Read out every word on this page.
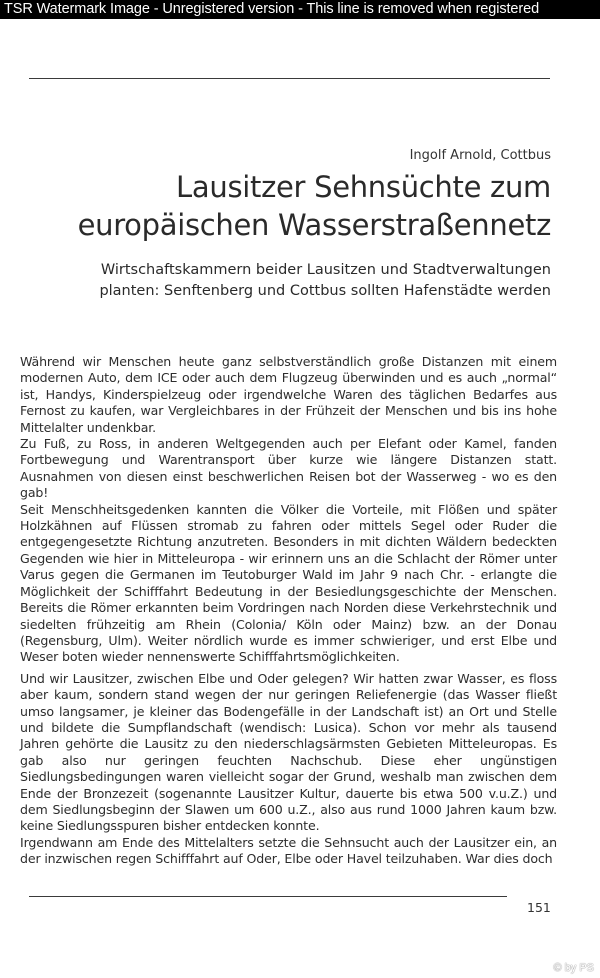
TSR Watermark Image - Unregistered version - This line is removed when registered
Ingolf Arnold, Cottbus
Lausitzer Sehnsüchte zum europäischen Wasserstraßennetz
Wirtschaftskammern beider Lausitzen und Stadtverwaltungen planten: Senftenberg und Cottbus sollten Hafenstädte werden

Während wir Menschen heute ganz selbstverständlich große Distanzen mit einem modernen Auto, dem ICE oder auch dem Flugzeug überwinden und es auch „normal“ ist, Handys, Kinderspielzeug oder irgendwelche Waren des täglichen Bedarfes aus Fernost zu kaufen, war Vergleichbares in der Frühzeit der Menschen und bis ins hohe Mittelalter undenkbar.

Zu Fuß, zu Ross, in anderen Weltgegenden auch per Elefant oder Kamel, fanden Fortbewegung und Warentransport über kurze wie längere Distanzen statt. Ausnahmen von diesen einst beschwerlichen Reisen bot der Wasserweg - wo es den gab!

Seit Menschheitsgedenken kannten die Völker die Vorteile, mit Flößen und später Holzkähnen auf Flüssen stromab zu fahren oder mittels Segel oder Ruder die entgegengesetzte Richtung anzutreten. Besonders in mit dichten Wäldern bedeckten Gegenden wie hier in Mitteleuropa - wir erinnern uns an die Schlacht der Römer unter Varus gegen die Germanen im Teutoburger Wald im Jahr 9 nach Chr. - erlangte die Möglichkeit der Schifffahrt Bedeutung in der Besiedlungsgeschichte der Menschen. Bereits die Römer erkannten beim Vordringen nach Norden diese Verkehrstechnik und siedelten frühzeitig am Rhein (Colonia/ Köln oder Mainz) bzw. an der Donau (Regensburg, Ulm). Weiter nördlich wurde es immer schwieriger, und erst Elbe und Weser boten wieder nennenswerte Schifffahrtsmöglichkeiten.

Und wir Lausitzer, zwischen Elbe und Oder gelegen? Wir hatten zwar Wasser, es floss aber kaum, sondern stand wegen der nur geringen Reliefenergie (das Wasser fließt umso langsamer, je kleiner das Bodengefälle in der Landschaft ist) an Ort und Stelle und bildete die Sumpflandschaft (wendisch: Lusica). Schon vor mehr als tausend Jahren gehörte die Lausitz zu den niederschlagsärmsten Gebieten Mitteleuropas. Es gab also nur geringen feuchten Nachschub. Diese eher ungünstigen Siedlungsbedingungen waren vielleicht sogar der Grund, weshalb man zwischen dem Ende der Bronzezeit (sogenannte Lausitzer Kultur, dauerte bis etwa 500 v.u.Z.) und dem Siedlungsbeginn der Slawen um 600 u.Z., also aus rund 1000 Jahren kaum bzw. keine Siedlungsspuren bisher entdecken konnte.

Irgendwann am Ende des Mittelalters setzte die Sehnsucht auch der Lausitzer ein, an der inzwischen regen Schifffahrt auf Oder, Elbe oder Havel teilzuhaben. War dies doch

151
© by PS
